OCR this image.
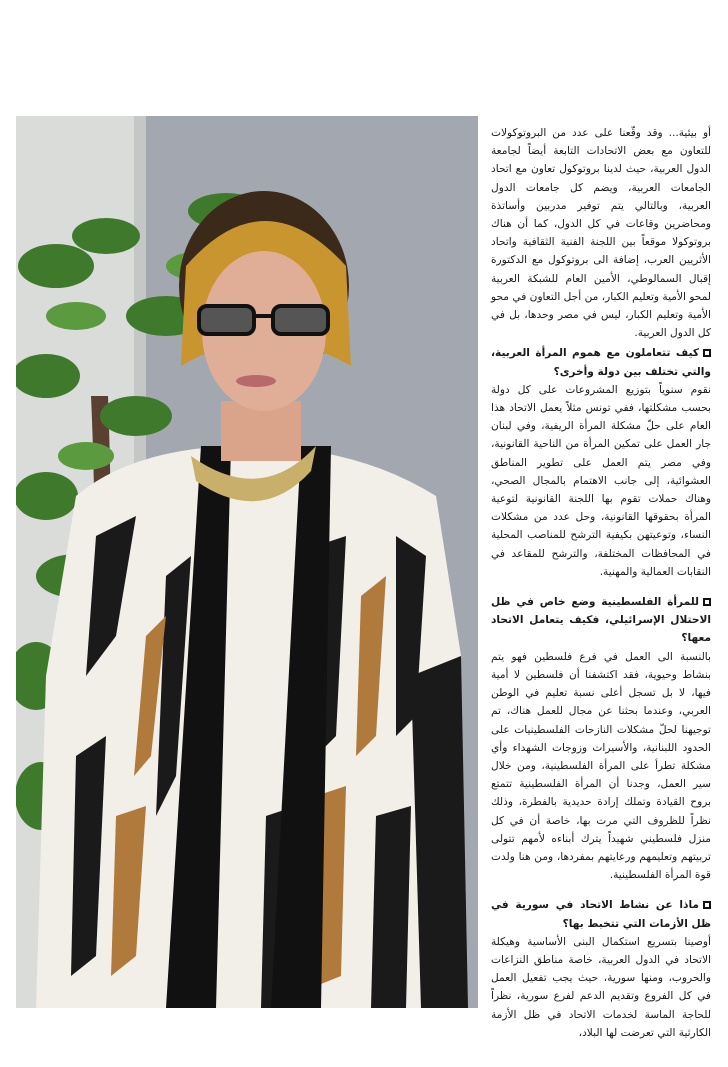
أو بيئية... وقد وقّعنا على عدد من البروتوكولات للتعاون مع بعض الاتحادات التابعة أيضاً لجامعة الدول العربية، حيث لدينا بروتوكول تعاون مع اتحاد الجامعات العربية، ويضم كل جامعات الدول العربية، وبالتالي يتم توفير مدربين وأساتذة ومحاضرين وقاعات في كل الدول، كما أن هناك بروتوكولا موقعاً بين اللجنة الفنية الثقافية واتحاد الأثريين العرب، إضافة الى بروتوكول مع الدكتورة إقبال السمالوطي، الأمين العام للشبكة العربية لمحو الأمية وتعليم الكبار، من أجل التعاون في محو الأمية وتعليم الكبار، ليس في مصر وحدها، بل في كل الدول العربية.

كيف تتعاملون مع هموم المرأة العربية، والتي تختلف بين دولة وأخرى؟

نقوم سنوياً بتوزيع المشروعات على كل دولة بحسب مشكلتها، ففي تونس مثلاً يعمل الاتحاد هذا العام على حلّ مشكلة المرأة الريفية، وفي لبنان جار العمل على تمكين المرأة من الناحية القانونية، وفي مصر يتم العمل على تطوير المناطق العشوائية، إلى جانب الاهتمام بالمجال الصحي، وهناك حملات تقوم بها اللجنة القانونية لتوعية المرأة بحقوقها القانونية، وحل عدد من مشكلات النساء، وتوعيتهن بكيفية الترشح للمناصب المحلية في المحافظات المختلفة، والترشح للمقاعد في النقابات العمالية والمهنية.

للمرأة الفلسطينية وضع خاص في ظل الاحتلال الإسرائيلي، فكيف يتعامل الاتحاد معها؟

بالنسبة الى العمل في فرع فلسطين فهو يتم بنشاط وحيوية، فقد اكتشفنا أن فلسطين لا أمية فيها، لا بل تسجل أعلى نسبة تعليم في الوطن العربي، وعندما بحثنا عن مجال للعمل هناك، تم توجيهنا لحلّ مشكلات النازحات الفلسطينيات على الحدود اللبنانية، والأسيرات وزوجات الشهداء وأي مشكلة تطرأ على المرأة الفلسطينية، ومن خلال سير العمل، وجدنا أن المرأة الفلسطينية تتمتع بروح القيادة وتملك إرادة حديدية بالفطرة، وذلك نظراً للظروف التي مرت بها، خاصة أن في كل منزل فلسطيني شهيداً يترك أبناءه لأمهم تتولى تربيتهم وتعليمهم ورعايتهم بمفردها، ومن هنا ولدت قوة المرأة الفلسطينية.

ماذا عن نشاط الاتحاد في سورية في ظل الأزمات التي تتخبط بها؟

أوصينا بتسريع استكمال البنى الأساسية وهيكلة الاتحاد في الدول العربية، خاصة مناطق النزاعات والحروب، ومنها سورية، حيث يجب تفعيل العمل في كل الفروع وتقديم الدعم لفرع سورية، نظراً للحاجة الماسة لخدمات الاتحاد في ظل الأزمة الكارثية التي تعرضت لها البلاد،
